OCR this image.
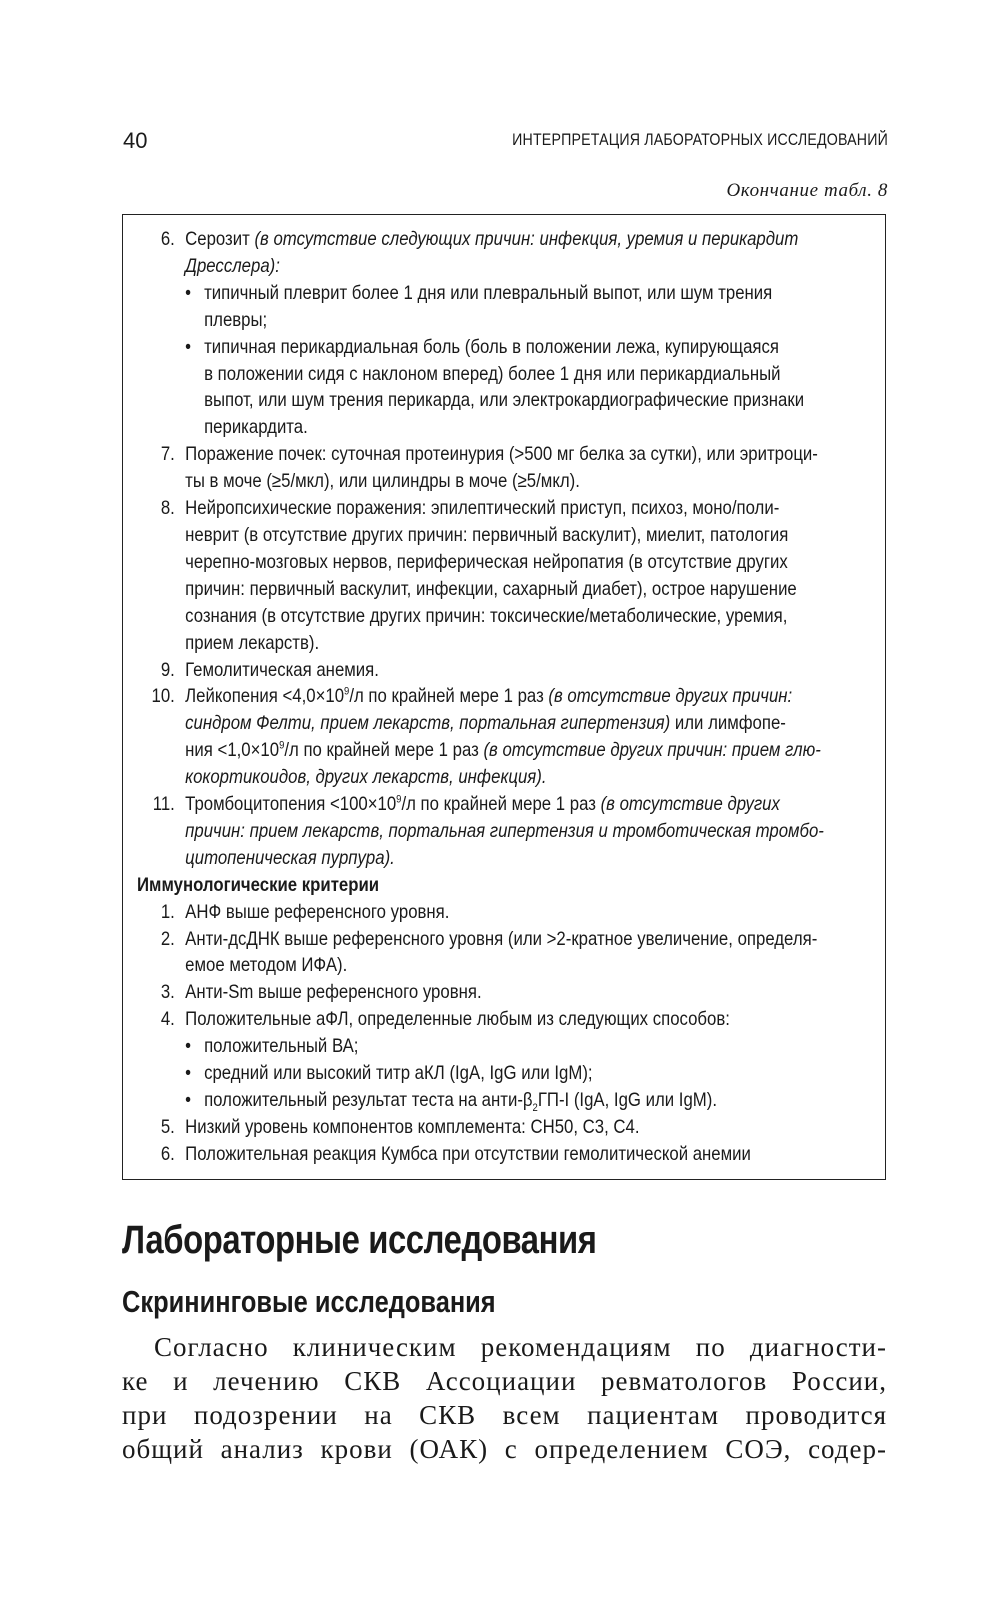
40	ИНТЕРПРЕТАЦИЯ ЛАБОРАТОРНЫХ ИССЛЕДОВАНИЙ
Окончание табл. 8
6. Серозит (в отсутствие следующих причин: инфекция, уремия и перикардит
Дресслера):
• типичный плеврит более 1 дня или плевральный выпот, или шум трения
плевры;
• типичная перикардиальная боль (боль в положении лежа, купирующаяся
в положении сидя с наклоном вперед) более 1 дня или перикардиальный
выпот, или шум трения перикарда, или электрокардиографические признаки
перикардита.
7. Поражение почек: суточная протеинурия (>500 мг белка за сутки), или эритроци-
ты в моче (≥5/мкл), или цилиндры в моче (≥5/мкл).
8. Нейропсихические поражения: эпилептический приступ, психоз, моно/поли-
неврит (в отсутствие других причин: первичный васкулит), миелит, патология
черепно-мозговых нервов, периферическая нейропатия (в отсутствие других
причин: первичный васкулит, инфекции, сахарный диабет), острое нарушение
сознания (в отсутствие других причин: токсические/метаболические, уремия,
прием лекарств).
9. Гемолитическая анемия.
10. Лейкопения $<4,0\times 10^9/л$ по крайней мере 1 раз (в отсутствие других причин:
синдром Фелти, прием лекарств, портальная гипертензия) или лимфопе-
ния $<1,0\times 10^9/л$ по крайней мере 1 раз (в отсутствие других причин: прием глю-
кокортикоидов, других лекарств, инфекция).
11. Тромбоцитопения $<100\times 10^9/л$ по крайней мере 1 раз (в отсутствие других
причин: прием лекарств, портальная гипертензия и тромботическая тромбо-
цитопеническая пурпура).
Иммунологические критерии
1. АНФ выше референсного уровня.
2. Анти-дсДНК выше референсного уровня (или >2-кратное увеличение, определя-
емое методом ИФА).
3. Анти-Sm выше референсного уровня.
4. Положительные аФЛ, определенные любым из следующих способов:
• положительный ВА;
• средний или высокий титр аКЛ (IgA, IgG или IgM);
• положительный результат теста на анти-$\beta_2ГП-I$ (IgA, IgG или IgM).
5. Низкий уровень компонентов комплемента: CH50, C3, C4.
6. Положительная реакция Кумбса при отсутствии гемолитической анемии
Лабораторные исследования
Скрининговые исследования
Согласно клиническим рекомендациям по диагности-
ке и лечению СКВ Ассоциации ревматологов России,
при подозрении на СКВ всем пациентам проводится
общий анализ крови (ОАК) с определением СОЭ, содер-
